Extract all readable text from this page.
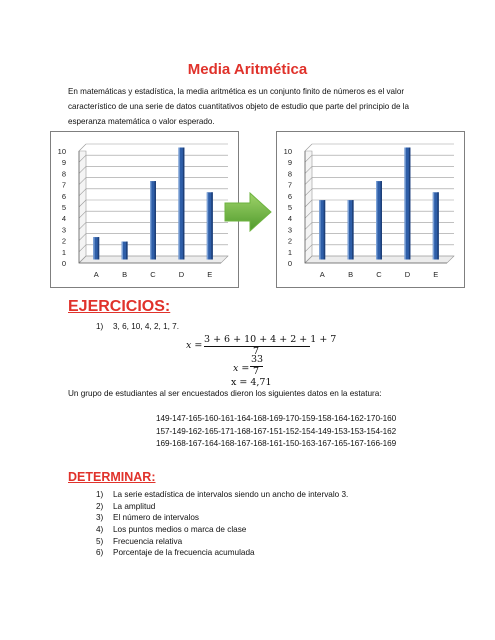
Media Aritmética
En matemáticas y estadística, la media aritmética es un conjunto finito de números es el valor característico de una serie de datos cuantitativos objeto de estudio que parte del principio de la esperanza matemática o valor esperado.
0
1
2
3
4
5
6
7
8
9
10
A	B	C	D	E
0
1
2
3
4
5
6
7
8
9
10
A	B	C	D	E
EJERCICIOS:
1) 3, 6, 10, 4, 2, 1, 7.
x =
3 + 6 + 10 + 4 + 2 + 1 + 7
7
x =
33
7
x = 4,71
Un grupo de estudiantes al ser encuestados dieron los siguientes datos en la estatura:
149-147-165-160-161-164-168-169-170-159-158-164-162-170-160
157-149-162-165-171-168-167-151-152-154-149-153-153-154-162
169-168-167-164-168-167-168-161-150-163-167-165-167-166-169
DETERMINAR:
1) La serie estadística de intervalos siendo un ancho de intervalo 3.
2) La amplitud
3) El número de intervalos
4) Los puntos medios o marca de clase
5) Frecuencia relativa
6) Porcentaje de la frecuencia acumulada
